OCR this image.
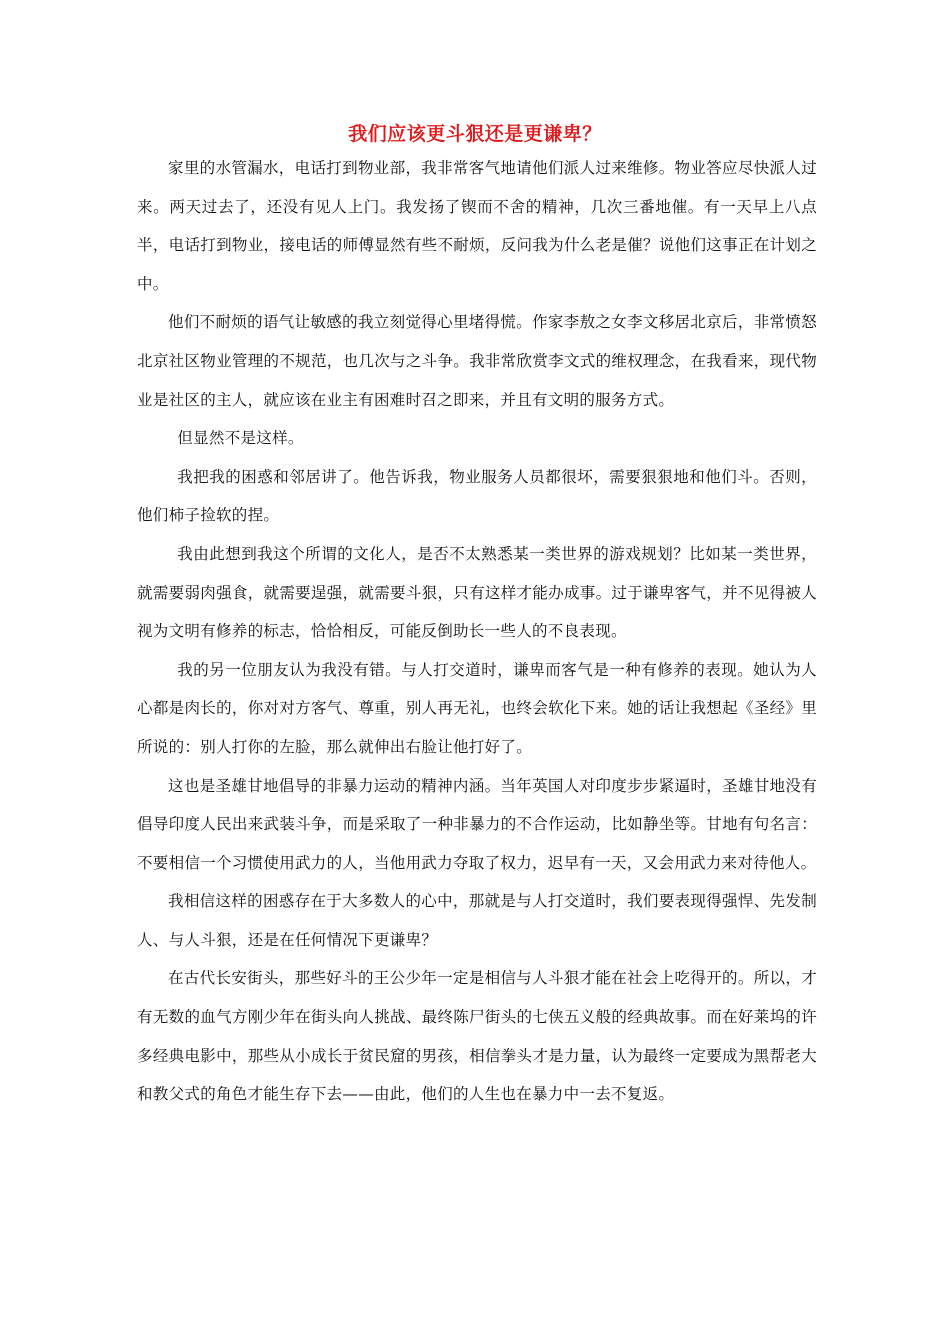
我们应该更斗狠还是更谦卑？

家里的水管漏水，电话打到物业部，我非常客气地请他们派人过来维修。物业答应尽快派人过来。两天过去了，还没有见人上门。我发扬了锲而不舍的精神，几次三番地催。有一天早上八点半，电话打到物业，接电话的师傅显然有些不耐烦，反问我为什么老是催？说他们这事正在计划之中。

他们不耐烦的语气让敏感的我立刻觉得心里堵得慌。作家李敖之女李文移居北京后，非常愤怒北京社区物业管理的不规范，也几次与之斗争。我非常欣赏李文式的维权理念，在我看来，现代物业是社区的主人，就应该在业主有困难时召之即来，并且有文明的服务方式。

但显然不是这样。

我把我的困惑和邻居讲了。他告诉我，物业服务人员都很坏，需要狠狠地和他们斗。否则，他们柿子捡软的捏。

我由此想到我这个所谓的文化人，是否不太熟悉某一类世界的游戏规划？比如某一类世界，就需要弱肉强食，就需要逞强，就需要斗狠，只有这样才能办成事。过于谦卑客气，并不见得被人视为文明有修养的标志，恰恰相反，可能反倒助长一些人的不良表现。

我的另一位朋友认为我没有错。与人打交道时，谦卑而客气是一种有修养的表现。她认为人心都是肉长的，你对对方客气、尊重，别人再无礼，也终会软化下来。她的话让我想起《圣经》里所说的：别人打你的左脸，那么就伸出右脸让他打好了。

这也是圣雄甘地倡导的非暴力运动的精神内涵。当年英国人对印度步步紧逼时，圣雄甘地没有倡导印度人民出来武装斗争，而是采取了一种非暴力的不合作运动，比如静坐等。甘地有句名言：不要相信一个习惯使用武力的人，当他用武力夺取了权力，迟早有一天，又会用武力来对待他人。

我相信这样的困惑存在于大多数人的心中，那就是与人打交道时，我们要表现得强悍、先发制人、与人斗狠，还是在任何情况下更谦卑？

在古代长安街头，那些好斗的王公少年一定是相信与人斗狠才能在社会上吃得开的。所以，才有无数的血气方刚少年在街头向人挑战、最终陈尸街头的七侠五义般的经典故事。而在好莱坞的许多经典电影中，那些从小成长于贫民窟的男孩，相信拳头才是力量，认为最终一定要成为黑帮老大和教父式的角色才能生存下去——由此，他们的人生也在暴力中一去不复返。
